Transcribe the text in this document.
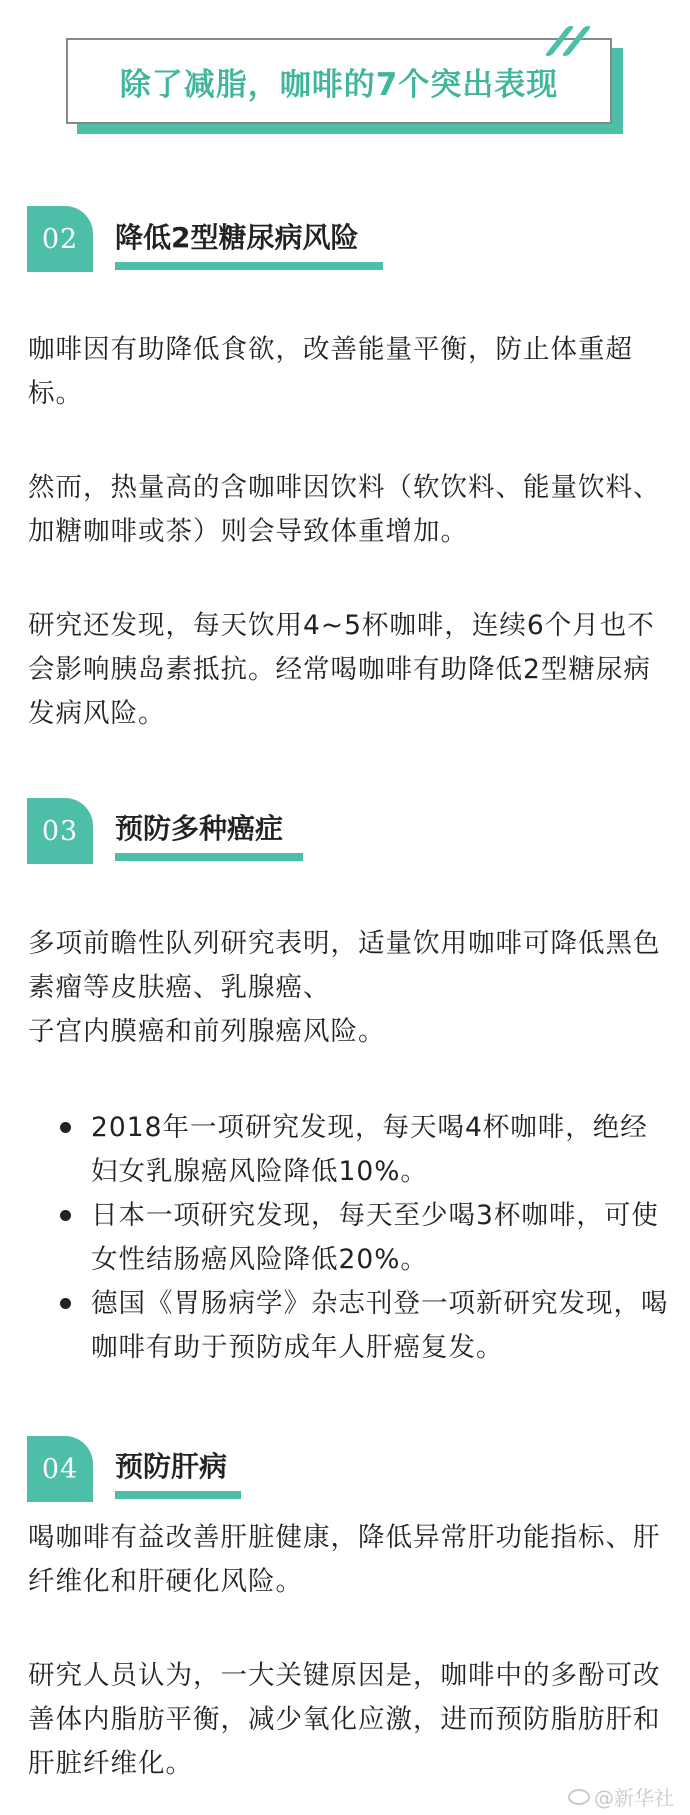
除了减脂，咖啡的7个突出表现
02	降低2型糖尿病风险
咖啡因有助降低食欲，改善能量平衡，防止体重超标。
然而，热量高的含咖啡因饮料（软饮料、能量饮料、加糖咖啡或茶）则会导致体重增加。
研究还发现，每天饮用4~5杯咖啡，连续6个月也不会影响胰岛素抵抗。经常喝咖啡有助降低2型糖尿病发病风险。
03	预防多种癌症
多项前瞻性队列研究表明，适量饮用咖啡可降低黑色素瘤等皮肤癌、乳腺癌、
子宫内膜癌和前列腺癌风险。
2018年一项研究发现，每天喝4杯咖啡，绝经妇女乳腺癌风险降低10%。
日本一项研究发现，每天至少喝3杯咖啡，可使女性结肠癌风险降低20%。
德国《胃肠病学》杂志刊登一项新研究发现，喝咖啡有助于预防成年人肝癌复发。
04	预防肝病
喝咖啡有益改善肝脏健康，降低异常肝功能指标、肝纤维化和肝硬化风险。
研究人员认为，一大关键原因是，咖啡中的多酚可改善体内脂肪平衡，减少氧化应激，进而预防脂肪肝和肝脏纤维化。
@新华社
